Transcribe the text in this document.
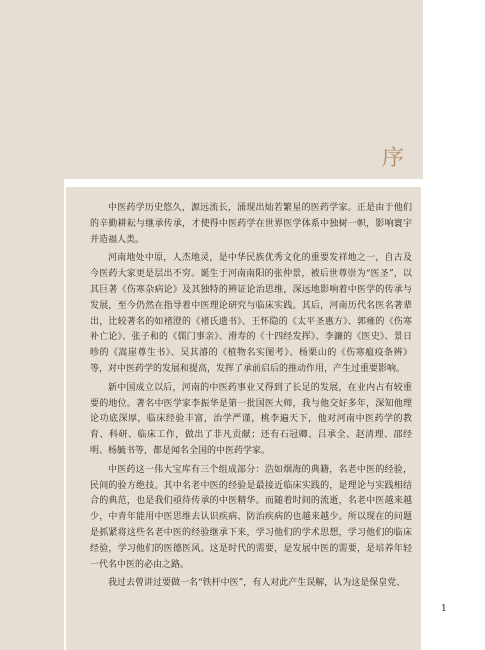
序

中医药学历史悠久，源远流长，涌现出灿若繁星的医药学家。正是由于他们的辛勤耕耘与继承传承，才使得中医药学在世界医学体系中独树一帜，影响寰宇并造福人类。

河南地处中原，人杰地灵，是中华民族优秀文化的重要发祥地之一，自古及今医药大家更是层出不穷。诞生于河南南阳的张仲景，被后世尊崇为“医圣”，以其巨著《伤寒杂病论》及其独特的辨证论治思维，深远地影响着中医学的传承与发展，至今仍然在指导着中医理论研究与临床实践。其后，河南历代名医名著辈出，比较著名的如褚澄的《褚氏遗书》、王怀隐的《太平圣惠方》、郭雍的《伤寒补亡论》、张子和的《儒门事亲》、滑寿的《十四经发挥》、李濂的《医史》、景日昣的《嵩崖尊生书》、吴其濬的《植物名实图考》、杨栗山的《伤寒瘟疫条辨》等，对中医药学的发展和提高，发挥了承前启后的推动作用，产生过重要影响。

新中国成立以后，河南的中医药事业又得到了长足的发展，在业内占有较重要的地位。著名中医学家李振华是第一批国医大师，我与他交好多年，深知他理论功底深厚，临床经验丰富，治学严谨，桃李遍天下，他对河南中医药学的教育、科研、临床工作，做出了非凡贡献；还有石冠卿、吕承全、赵清理、邵经明、杨毓书等，都是闻名全国的中医药学家。

中医药这一伟大宝库有三个组成部分：浩如烟海的典籍，名老中医的经验，民间的验方绝技。其中名老中医的经验是最接近临床实践的，是理论与实践相结合的典范，也是我们亟待传承的中医精华。而随着时间的流逝，名老中医越来越少，中青年能用中医思维去认识疾病、防治疾病的也越来越少。所以现在的问题是抓紧将这些名老中医的经验继承下来，学习他们的学术思想，学习他们的临床经验，学习他们的医德医风。这是时代的需要，是发展中医的需要，是培养年轻一代名中医的必由之路。

我过去曾讲过要做一名“铁杆中医”，有人对此产生误解，认为这是保皇党、

1
